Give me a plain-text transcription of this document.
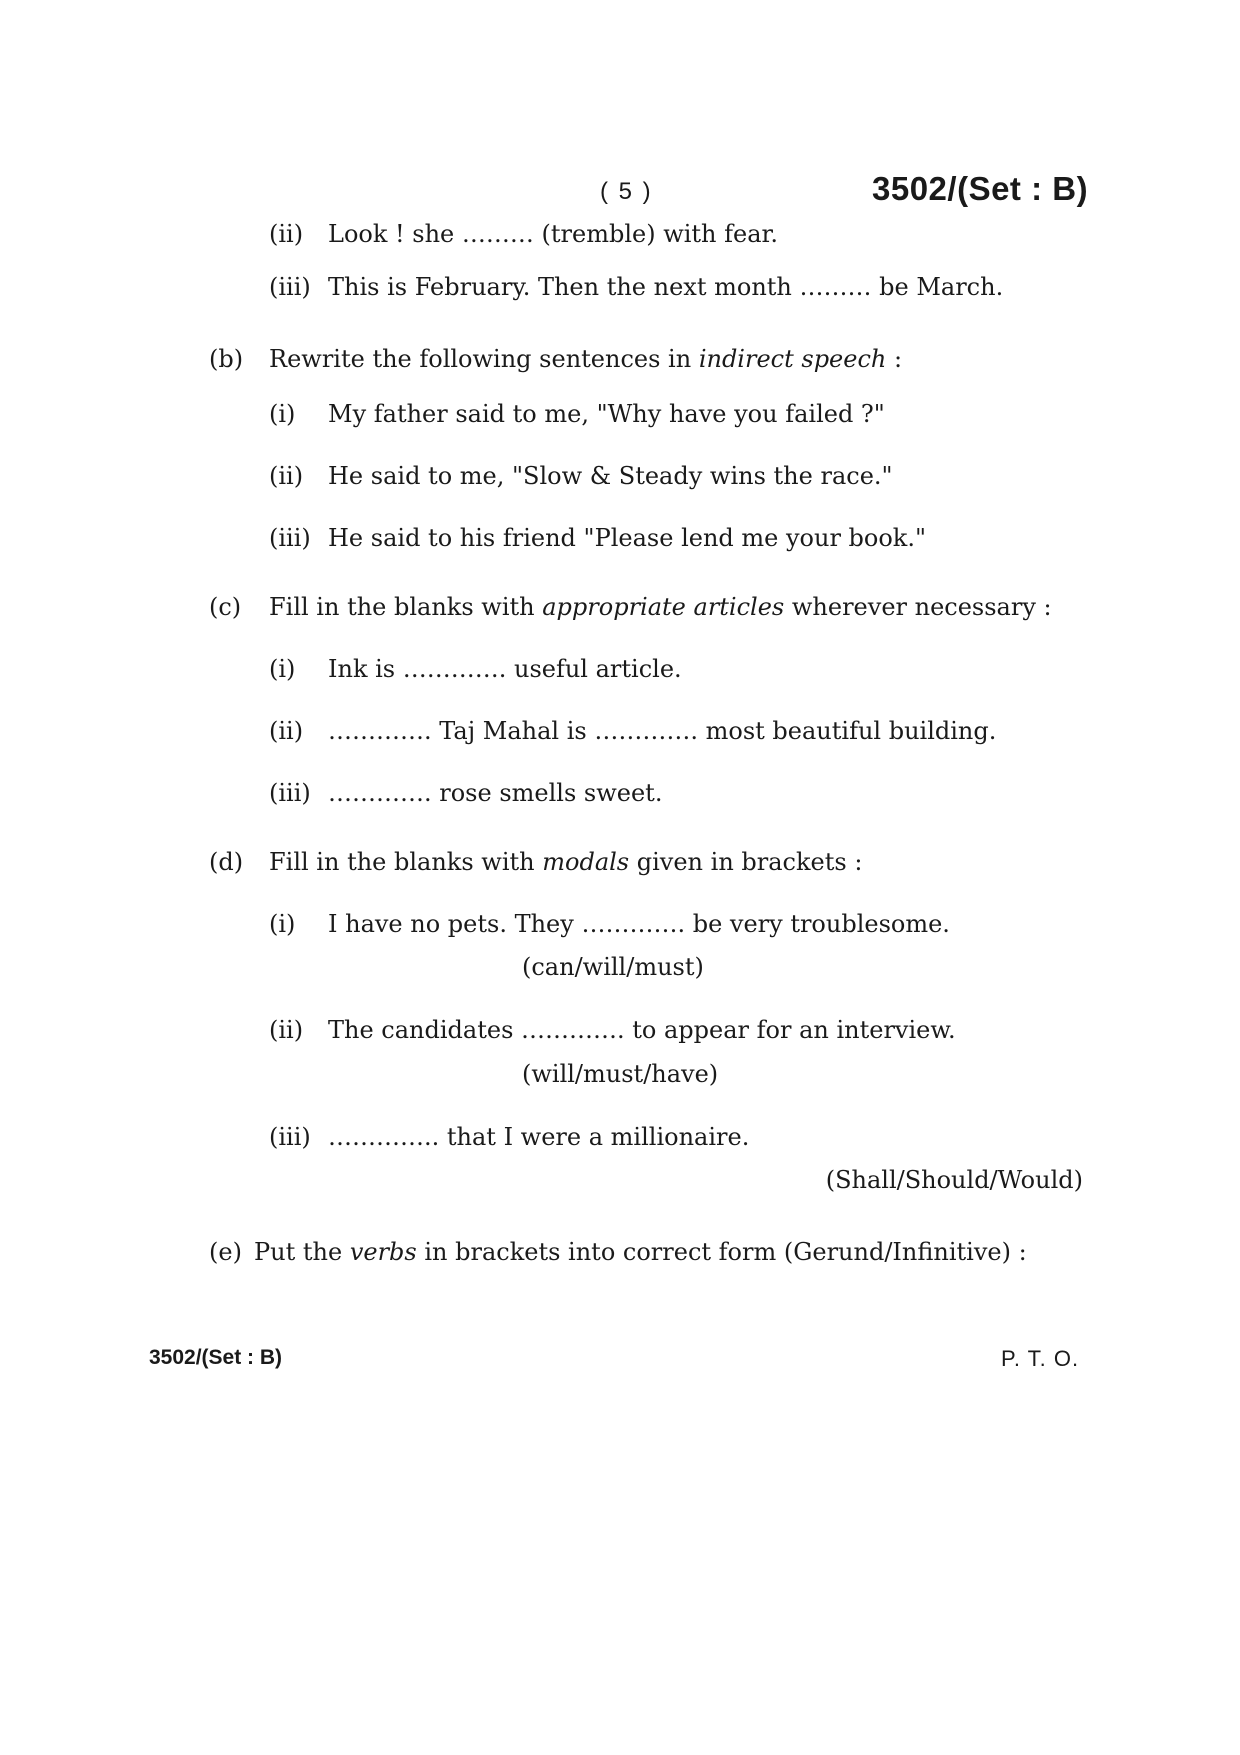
( 5 )	3502/(Set : B)
(ii) Look ! she ……… (tremble) with fear.
(iii) This is February. Then the next month ……… be March.
(b) Rewrite the following sentences in indirect speech :
(i) My father said to me, "Why have you failed ?"
(ii) He said to me, "Slow & Steady wins the race."
(iii) He said to his friend "Please lend me your book."
(c) Fill in the blanks with appropriate articles wherever necessary :
(i) Ink is …………. useful article.
(ii) …………. Taj Mahal is …………. most beautiful building.
(iii) …………. rose smells sweet.
(d) Fill in the blanks with modals given in brackets :
(i) I have no pets. They …………. be very troublesome.
(can/will/must)
(ii) The candidates …………. to appear for an interview.
(will/must/have)
(iii) ………….. that I were a millionaire.
(Shall/Should/Would)
(e) Put the verbs in brackets into correct form (Gerund/Infinitive) :
3502/(Set : B)	P. T. O.
